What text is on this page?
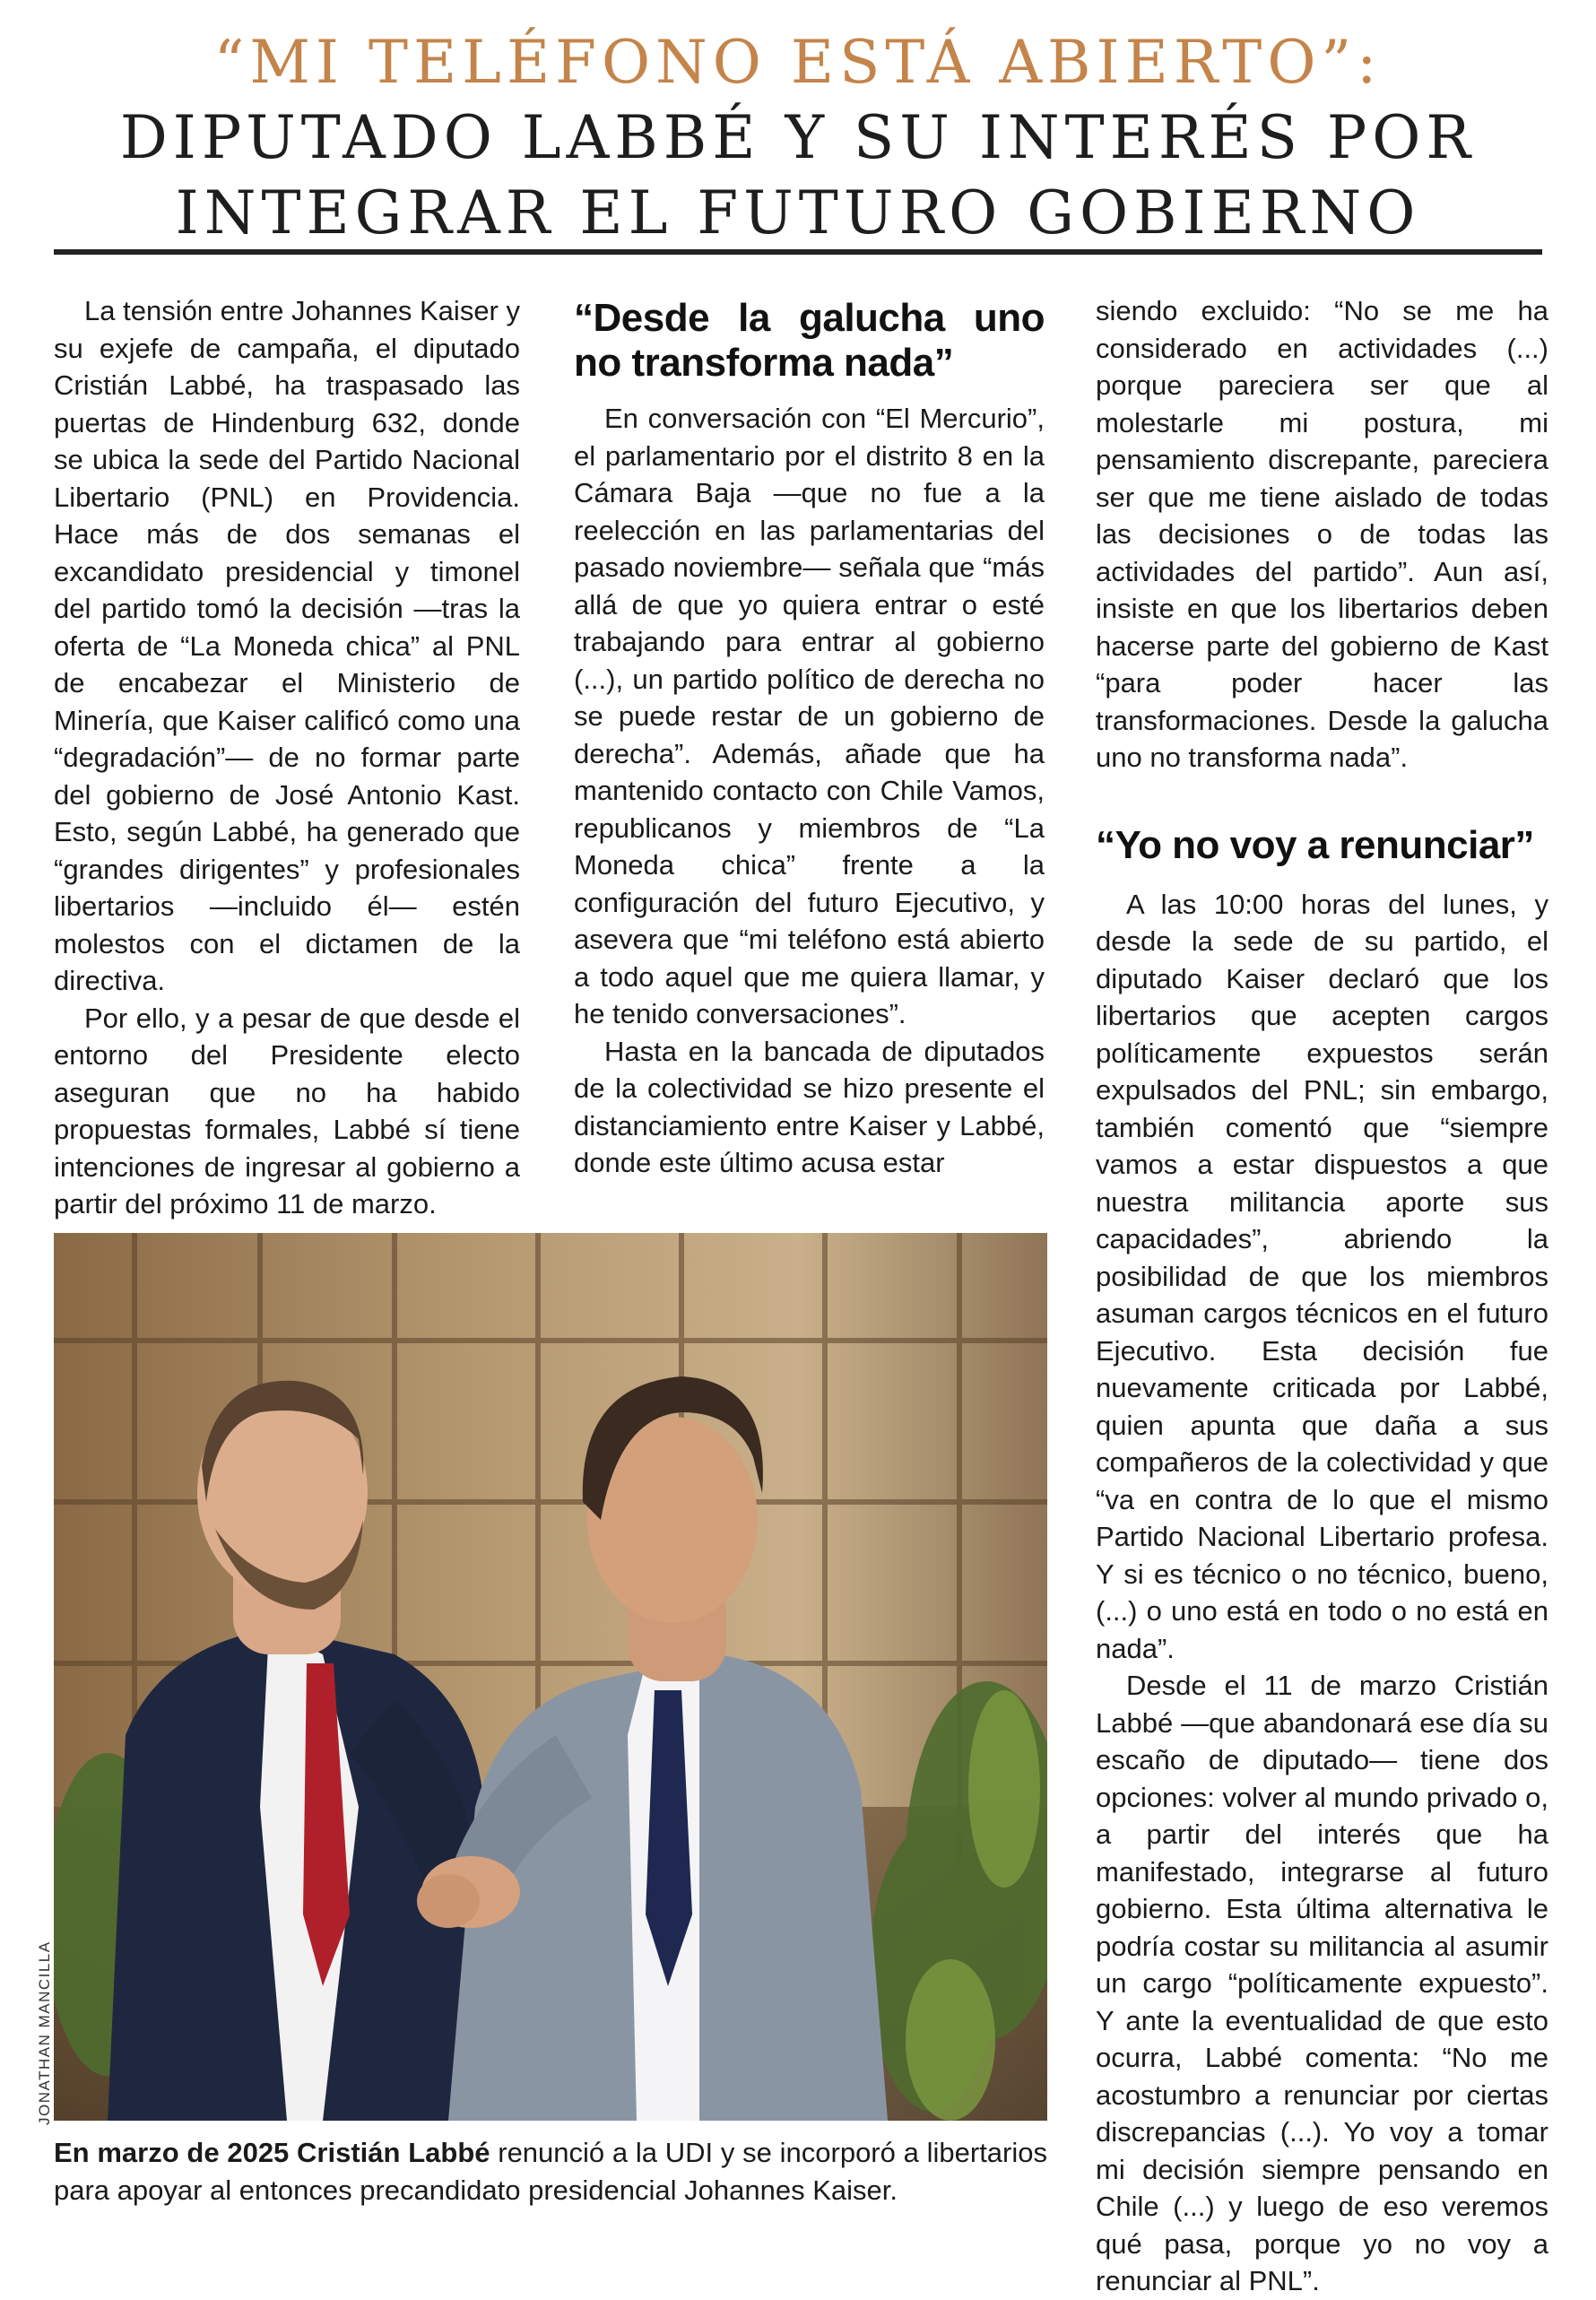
“MI TELÉFONO ESTÁ ABIERTO”:
DIPUTADO LABBÉ Y SU INTERÉS POR
INTEGRAR EL FUTURO GOBIERNO

La tensión entre Johannes Kaiser y su exjefe de campaña, el diputado Cristián Labbé, ha traspasado las puertas de Hindenburg 632, donde se ubica la sede del Partido Nacional Libertario (PNL) en Providencia. Hace más de dos semanas el excandidato presidencial y timonel del partido tomó la decisión —tras la oferta de “La Moneda chica” al PNL de encabezar el Ministerio de Minería, que Kaiser calificó como una “degradación”— de no formar parte del gobierno de José Antonio Kast. Esto, según Labbé, ha generado que “grandes dirigentes” y profesionales libertarios —incluido él— estén molestos con el dictamen de la directiva.

Por ello, y a pesar de que desde el entorno del Presidente electo aseguran que no ha habido propuestas formales, Labbé sí tiene intenciones de ingresar al gobierno a partir del próximo 11 de marzo.

“Desde la galucha uno no transforma nada”

En conversación con “El Mercurio”, el parlamentario por el distrito 8 en la Cámara Baja —que no fue a la reelección en las parlamentarias del pasado noviembre— señala que “más allá de que yo quiera entrar o esté trabajando para entrar al gobierno (...), un partido político de derecha no se puede restar de un gobierno de derecha”. Además, añade que ha mantenido contacto con Chile Vamos, republicanos y miembros de “La Moneda chica” frente a la configuración del futuro Ejecutivo, y asevera que “mi teléfono está abierto a todo aquel que me quiera llamar, y he tenido conversaciones”.

Hasta en la bancada de diputados de la colectividad se hizo presente el distanciamiento entre Kaiser y Labbé, donde este último acusa estar

siendo excluido: “No se me ha considerado en actividades (...) porque pareciera ser que al molestarle mi postura, mi pensamiento discrepante, pareciera ser que me tiene aislado de todas las decisiones o de todas las actividades del partido”. Aun así, insiste en que los libertarios deben hacerse parte del gobierno de Kast “para poder hacer las transformaciones. Desde la galucha uno no transforma nada”.

“Yo no voy a renunciar”

A las 10:00 horas del lunes, y desde la sede de su partido, el diputado Kaiser declaró que los libertarios que acepten cargos políticamente expuestos serán expulsados del PNL; sin embargo, también comentó que “siempre vamos a estar dispuestos a que nuestra militancia aporte sus capacidades”, abriendo la posibilidad de que los miembros asuman cargos técnicos en el futuro Ejecutivo. Esta decisión fue nuevamente criticada por Labbé, quien apunta que daña a sus compañeros de la colectividad y que “va en contra de lo que el mismo Partido Nacional Libertario profesa. Y si es técnico o no técnico, bueno, (...) o uno está en todo o no está en nada”.

Desde el 11 de marzo Cristián Labbé —que abandonará ese día su escaño de diputado— tiene dos opciones: volver al mundo privado o, a partir del interés que ha manifestado, integrarse al futuro gobierno. Esta última alternativa le podría costar su militancia al asumir un cargo “políticamente expuesto”. Y ante la eventualidad de que esto ocurra, Labbé comenta: “No me acostumbro a renunciar por ciertas discrepancias (...). Yo voy a tomar mi decisión siempre pensando en Chile (...) y luego de eso veremos qué pasa, porque yo no voy a renunciar al PNL”.

JONATHAN MANCILLA
En marzo de 2025 Cristián Labbé renunció a la UDI y se incorporó a libertarios para apoyar al entonces precandidato presidencial Johannes Kaiser.
